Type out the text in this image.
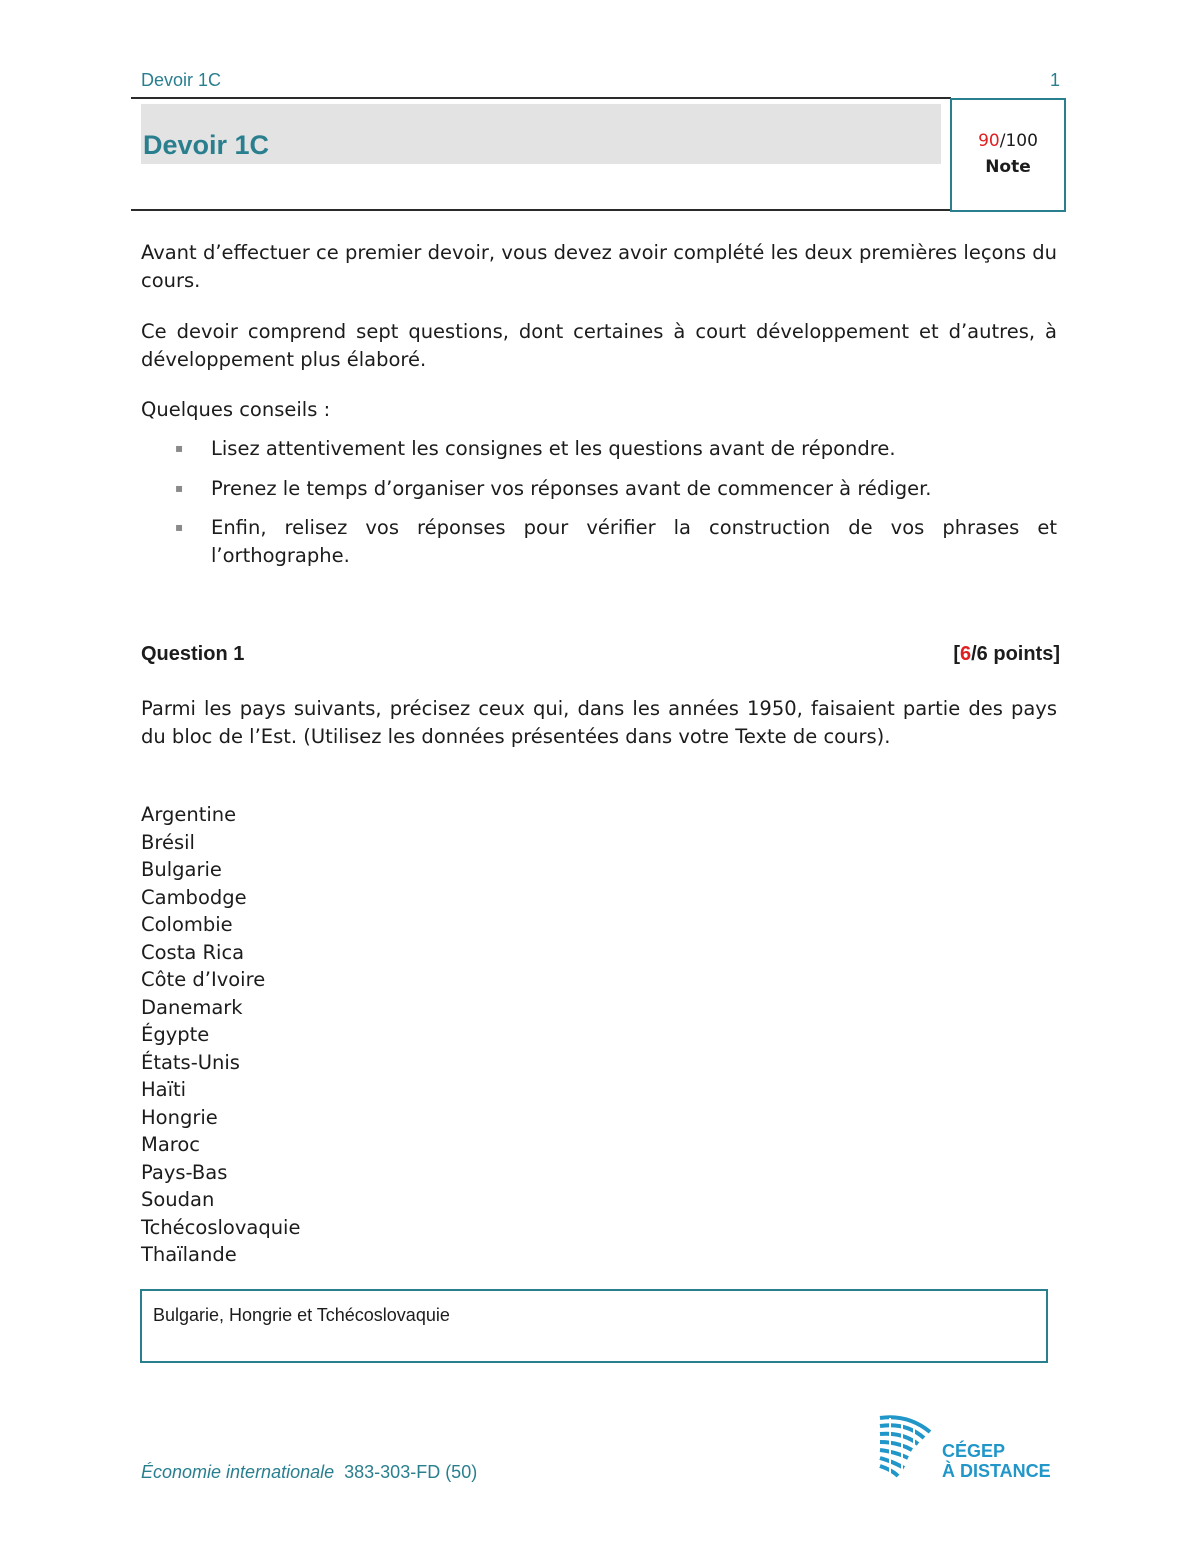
Devoir 1C	1
Devoir 1C	90/100
Note
Avant d’effectuer ce premier devoir, vous devez avoir complété les deux premières leçons du cours.
Ce devoir comprend sept questions, dont certaines à court développement et d’autres, à développement plus élaboré.
Quelques conseils :
▪ Lisez attentivement les consignes et les questions avant de répondre.
▪ Prenez le temps d’organiser vos réponses avant de commencer à rédiger.
▪ Enfin, relisez vos réponses pour vérifier la construction de vos phrases et l’orthographe.
Question 1	[6/6 points]
Parmi les pays suivants, précisez ceux qui, dans les années 1950, faisaient partie des pays du bloc de l’Est. (Utilisez les données présentées dans votre Texte de cours).
Argentine
Brésil
Bulgarie
Cambodge
Colombie
Costa Rica
Côte d’Ivoire
Danemark
Égypte
États-Unis
Haïti
Hongrie
Maroc
Pays-Bas
Soudan
Tchécoslovaquie
Thaïlande
Bulgarie, Hongrie et Tchécoslovaquie
Économie internationale 383-303-FD (50)
CÉGEP
À DISTANCE
